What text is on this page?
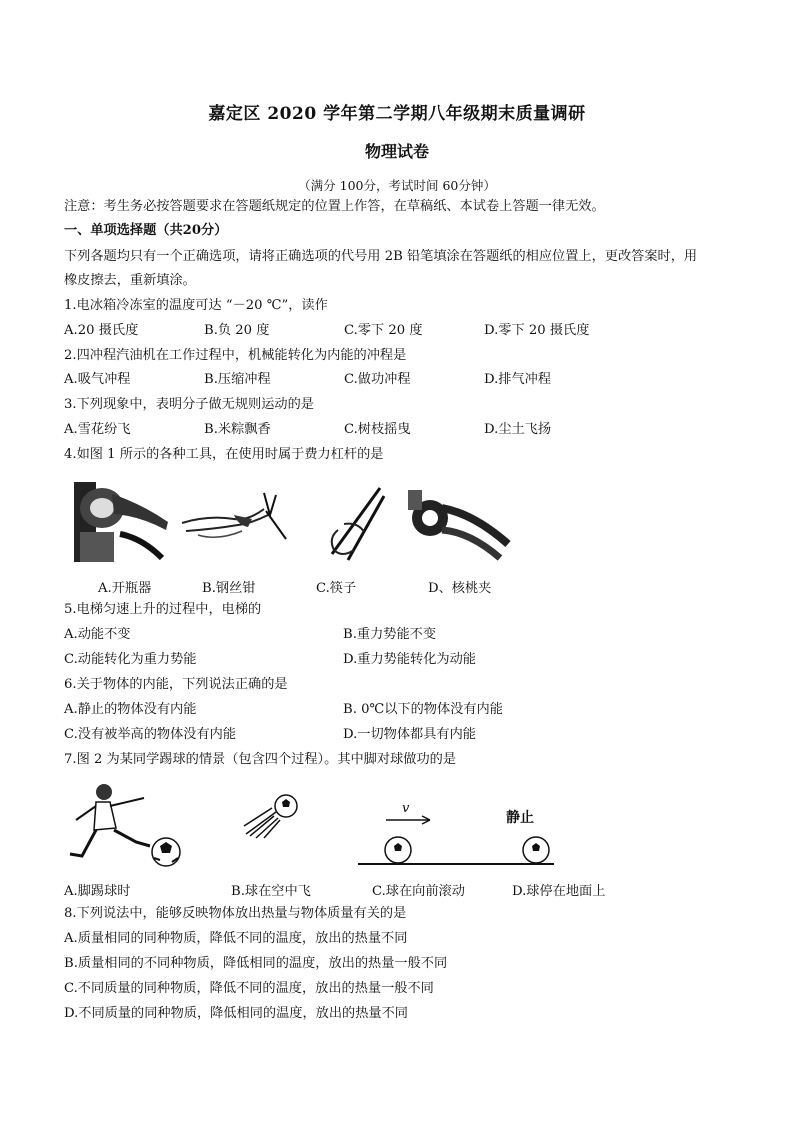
嘉定区 2020 学年第二学期八年级期末质量调研
物理试卷
（满分 100分，考试时间 60分钟）
注意：考生务必按答题要求在答题纸规定的位置上作答，在草稿纸、本试卷上答题一律无效。
一、单项选择题（共20分）
下列各题均只有一个正确选项，请将正确选项的代号用 2B 铅笔填涂在答题纸的相应位置上，更改答案时，用
橡皮擦去，重新填涂。
1.电冰箱冷冻室的温度可达 “－20 ℃”，读作
A.20 摄氏度	B.负 20 度	C.零下 20 度	D.零下 20 摄氏度
2.四冲程汽油机在工作过程中，机械能转化为内能的冲程是
A.吸气冲程	B.压缩冲程	C.做功冲程	D.排气冲程
3.下列现象中，表明分子做无规则运动的是
A.雪花纷飞	B.米粽飘香	C.树枝摇曳	D.尘土飞扬
4.如图 1 所示的各种工具，在使用时属于费力杠杆的是
A.开瓶器	B.钢丝钳	C.筷子	D、核桃夹
5.电梯匀速上升的过程中，电梯的
A.动能不变	B.重力势能不变
C.动能转化为重力势能	D.重力势能转化为动能
6.关于物体的内能，下列说法正确的是
A.静止的物体没有内能	B. 0℃以下的物体没有内能
C.没有被举高的物体没有内能	D.一切物体都具有内能
7.图 2 为某同学踢球的情景（包含四个过程）。其中脚对球做功的是
v
静止
A.脚踢球时	B.球在空中飞	C.球在向前滚动	D.球停在地面上
8.下列说法中，能够反映物体放出热量与物体质量有关的是
A.质量相同的同种物质，降低不同的温度，放出的热量不同
B.质量相同的不同种物质，降低相同的温度，放出的热量一般不同
C.不同质量的同种物质，降低不同的温度，放出的热量一般不同
D.不同质量的同种物质，降低相同的温度，放出的热量不同
